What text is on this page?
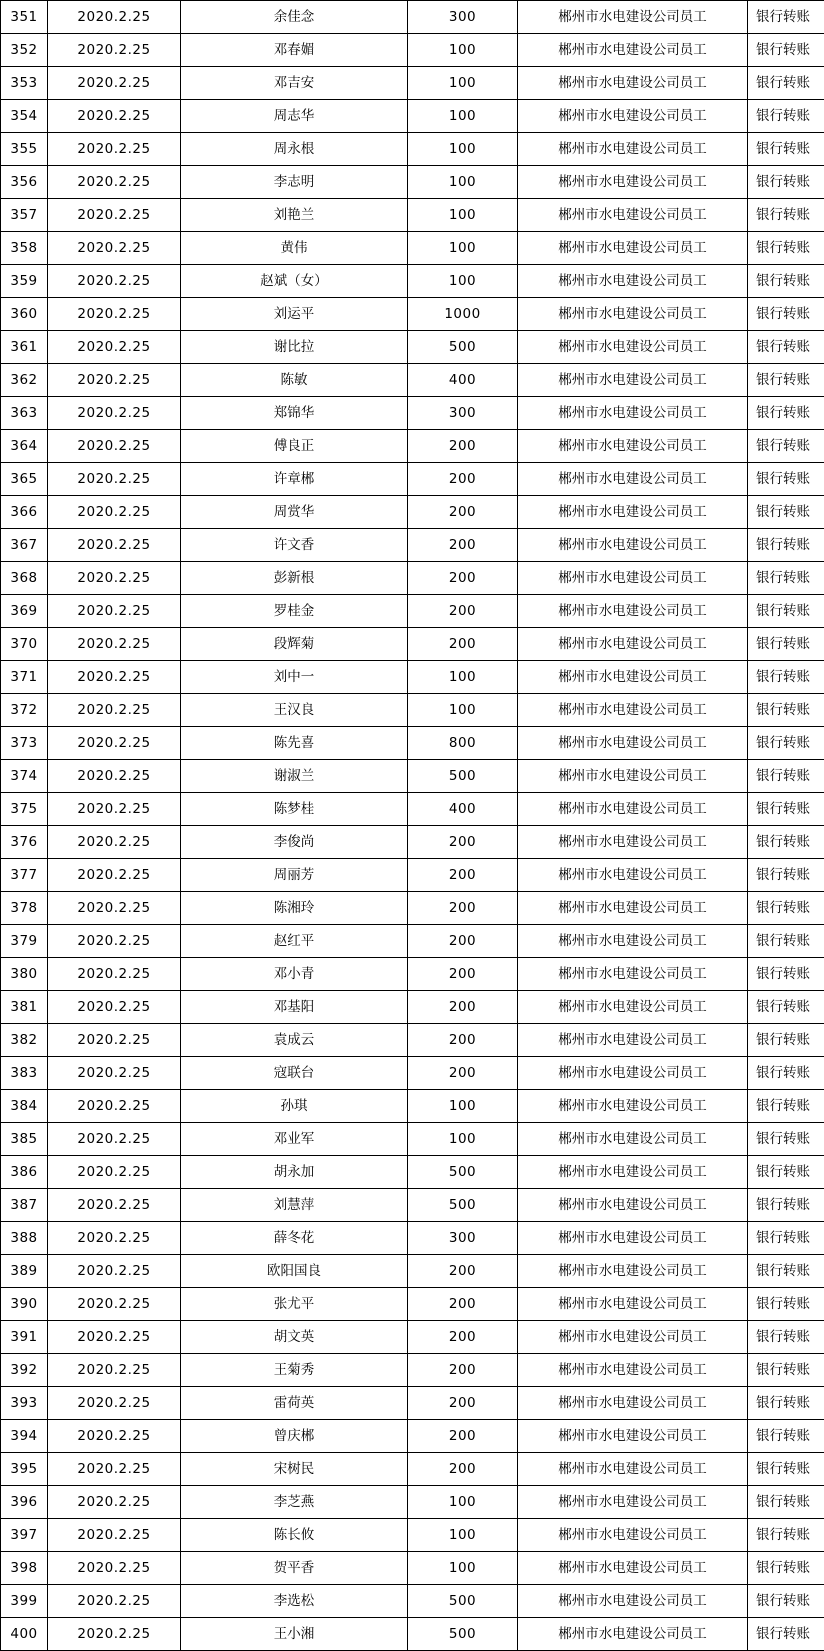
351	2020.2.25	余佳念	300	郴州市水电建设公司员工	银行转账
352	2020.2.25	邓春媚	100	郴州市水电建设公司员工	银行转账
353	2020.2.25	邓吉安	100	郴州市水电建设公司员工	银行转账
354	2020.2.25	周志华	100	郴州市水电建设公司员工	银行转账
355	2020.2.25	周永根	100	郴州市水电建设公司员工	银行转账
356	2020.2.25	李志明	100	郴州市水电建设公司员工	银行转账
357	2020.2.25	刘艳兰	100	郴州市水电建设公司员工	银行转账
358	2020.2.25	黄伟	100	郴州市水电建设公司员工	银行转账
359	2020.2.25	赵斌（女）	100	郴州市水电建设公司员工	银行转账
360	2020.2.25	刘运平	1000	郴州市水电建设公司员工	银行转账
361	2020.2.25	谢比拉	500	郴州市水电建设公司员工	银行转账
362	2020.2.25	陈敏	400	郴州市水电建设公司员工	银行转账
363	2020.2.25	郑锦华	300	郴州市水电建设公司员工	银行转账
364	2020.2.25	傅良正	200	郴州市水电建设公司员工	银行转账
365	2020.2.25	许章郴	200	郴州市水电建设公司员工	银行转账
366	2020.2.25	周赏华	200	郴州市水电建设公司员工	银行转账
367	2020.2.25	许文香	200	郴州市水电建设公司员工	银行转账
368	2020.2.25	彭新根	200	郴州市水电建设公司员工	银行转账
369	2020.2.25	罗桂金	200	郴州市水电建设公司员工	银行转账
370	2020.2.25	段辉菊	200	郴州市水电建设公司员工	银行转账
371	2020.2.25	刘中一	100	郴州市水电建设公司员工	银行转账
372	2020.2.25	王汉良	100	郴州市水电建设公司员工	银行转账
373	2020.2.25	陈先喜	800	郴州市水电建设公司员工	银行转账
374	2020.2.25	谢淑兰	500	郴州市水电建设公司员工	银行转账
375	2020.2.25	陈梦桂	400	郴州市水电建设公司员工	银行转账
376	2020.2.25	李俊尚	200	郴州市水电建设公司员工	银行转账
377	2020.2.25	周丽芳	200	郴州市水电建设公司员工	银行转账
378	2020.2.25	陈湘玲	200	郴州市水电建设公司员工	银行转账
379	2020.2.25	赵红平	200	郴州市水电建设公司员工	银行转账
380	2020.2.25	邓小青	200	郴州市水电建设公司员工	银行转账
381	2020.2.25	邓基阳	200	郴州市水电建设公司员工	银行转账
382	2020.2.25	袁成云	200	郴州市水电建设公司员工	银行转账
383	2020.2.25	寇联台	200	郴州市水电建设公司员工	银行转账
384	2020.2.25	孙琪	100	郴州市水电建设公司员工	银行转账
385	2020.2.25	邓业军	100	郴州市水电建设公司员工	银行转账
386	2020.2.25	胡永加	500	郴州市水电建设公司员工	银行转账
387	2020.2.25	刘慧萍	500	郴州市水电建设公司员工	银行转账
388	2020.2.25	薛冬花	300	郴州市水电建设公司员工	银行转账
389	2020.2.25	欧阳国良	200	郴州市水电建设公司员工	银行转账
390	2020.2.25	张尤平	200	郴州市水电建设公司员工	银行转账
391	2020.2.25	胡文英	200	郴州市水电建设公司员工	银行转账
392	2020.2.25	王菊秀	200	郴州市水电建设公司员工	银行转账
393	2020.2.25	雷荷英	200	郴州市水电建设公司员工	银行转账
394	2020.2.25	曾庆郴	200	郴州市水电建设公司员工	银行转账
395	2020.2.25	宋树民	200	郴州市水电建设公司员工	银行转账
396	2020.2.25	李芝燕	100	郴州市水电建设公司员工	银行转账
397	2020.2.25	陈长攸	100	郴州市水电建设公司员工	银行转账
398	2020.2.25	贺平香	100	郴州市水电建设公司员工	银行转账
399	2020.2.25	李选松	500	郴州市水电建设公司员工	银行转账
400	2020.2.25	王小湘	500	郴州市水电建设公司员工	银行转账
